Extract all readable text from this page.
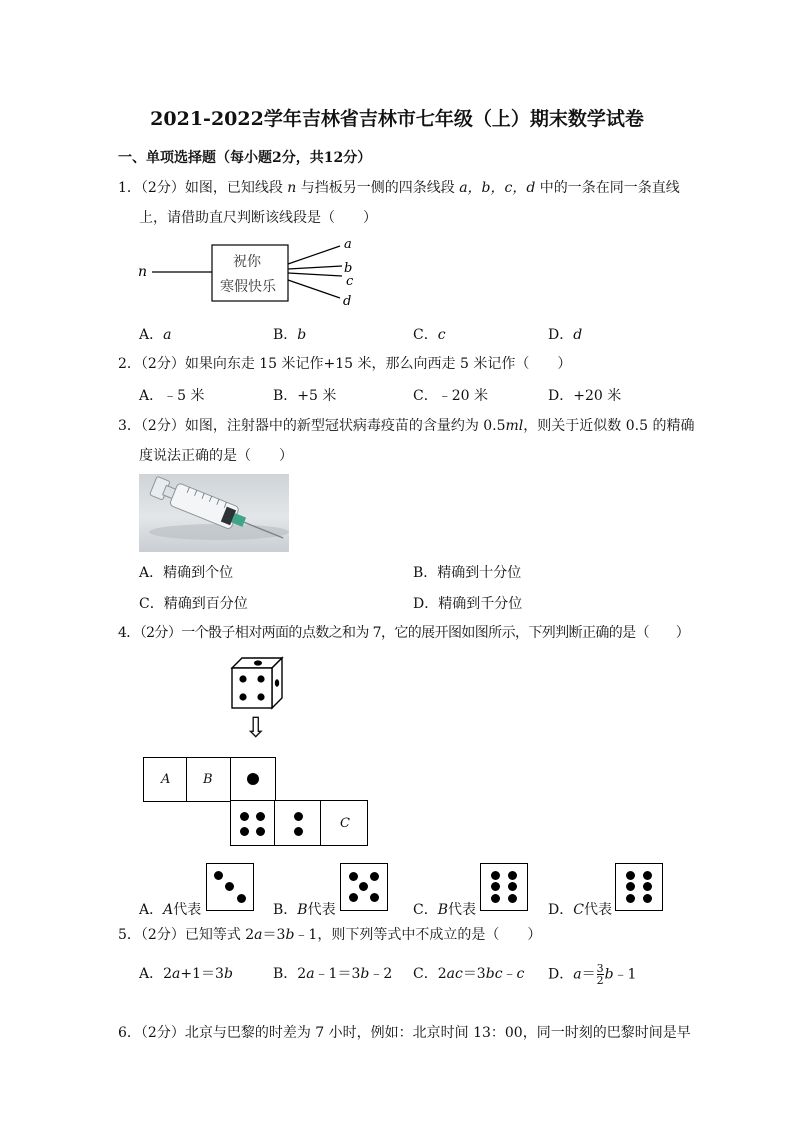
2021-2022学年吉林省吉林市七年级（上）期末数学试卷
一、单项选择题（每小题2分，共12分）
1．（2分）如图，已知线段 n 与挡板另一侧的四条线段 a，b，c，d 中的一条在同一条直线
上，请借助直尺判断该线段是（　　）
n
祝你
寒假快乐
a
b
c
d
A．a	B．b	C．c	D．d
2．（2分）如果向东走 15 米记作+15 米，那么向西走 5 米记作（　　）
A．﹣5 米	B．+5 米	C．﹣20 米	D．+20 米
3．（2分）如图，注射器中的新型冠状病毒疫苗的含量约为 0.5ml，则关于近似数 0.5 的精确
度说法正确的是（　　）
A．精确到个位	B．精确到十分位
C．精确到百分位	D．精确到千分位
4．（2分）一个骰子相对两面的点数之和为 7，它的展开图如图所示，下列判断正确的是（　　）
⇩
A	B
C
A．A代表	B．B代表	C．B代表	D．C代表
5．（2分）已知等式 2a＝3b﹣1，则下列等式中不成立的是（　　）
A．2a+1＝3b	B．2a﹣1＝3b﹣2 C．2ac＝3bc﹣c D．$a= \frac{3}{2}$ b﹣1
6．（2分）北京与巴黎的时差为 7 小时，例如：北京时间 13：00，同一时刻的巴黎时间是早
